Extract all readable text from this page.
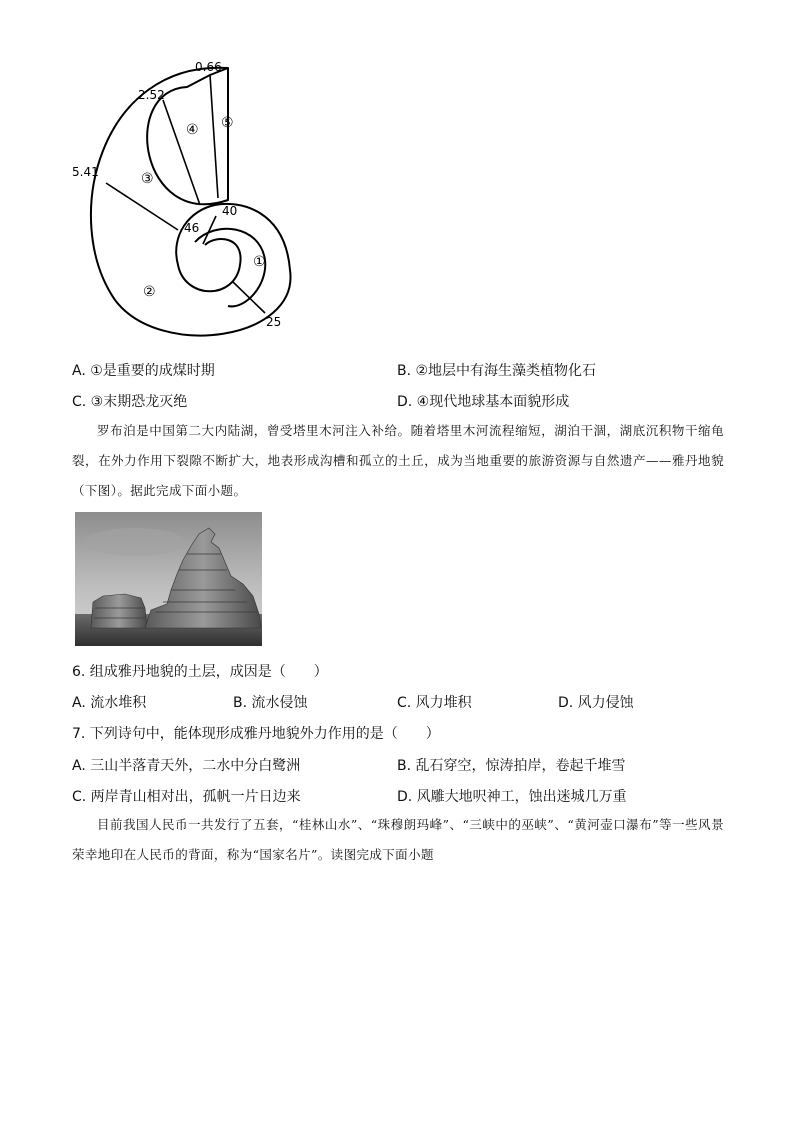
0.66
2.52
5.41
46
40
25
①
②
③
④ ⑤
A. ①是重要的成煤时期	B. ②地层中有海生藻类植物化石
C. ③末期恐龙灭绝	D. ④现代地球基本面貌形成

罗布泊是中国第二大内陆湖，曾受塔里木河注入补给。随着塔里木河流程缩短，湖泊干涸，湖底沉积物干缩龟裂，在外力作用下裂隙不断扩大，地表形成沟槽和孤立的土丘，成为当地重要的旅游资源与自然遗产——雅丹地貌（下图）。据此完成下面小题。

6. 组成雅丹地貌的土层，成因是（　　）
A. 流水堆积	B. 流水侵蚀	C. 风力堆积	D. 风力侵蚀
7. 下列诗句中，能体现形成雅丹地貌外力作用的是（　　）
A. 三山半落青天外，二水中分白鹭洲	B. 乱石穿空，惊涛拍岸，卷起千堆雪
C. 两岸青山相对出，孤帆一片日边来	D. 风雕大地呎神工，蚀出迷城几万重

目前我国人民币一共发行了五套，“桂林山水”、“珠穆朗玛峰”、“三峡中的巫峡”、“黄河壶口瀑布”等一些风景荣幸地印在人民币的背面，称为“国家名片”。读图完成下面小题
